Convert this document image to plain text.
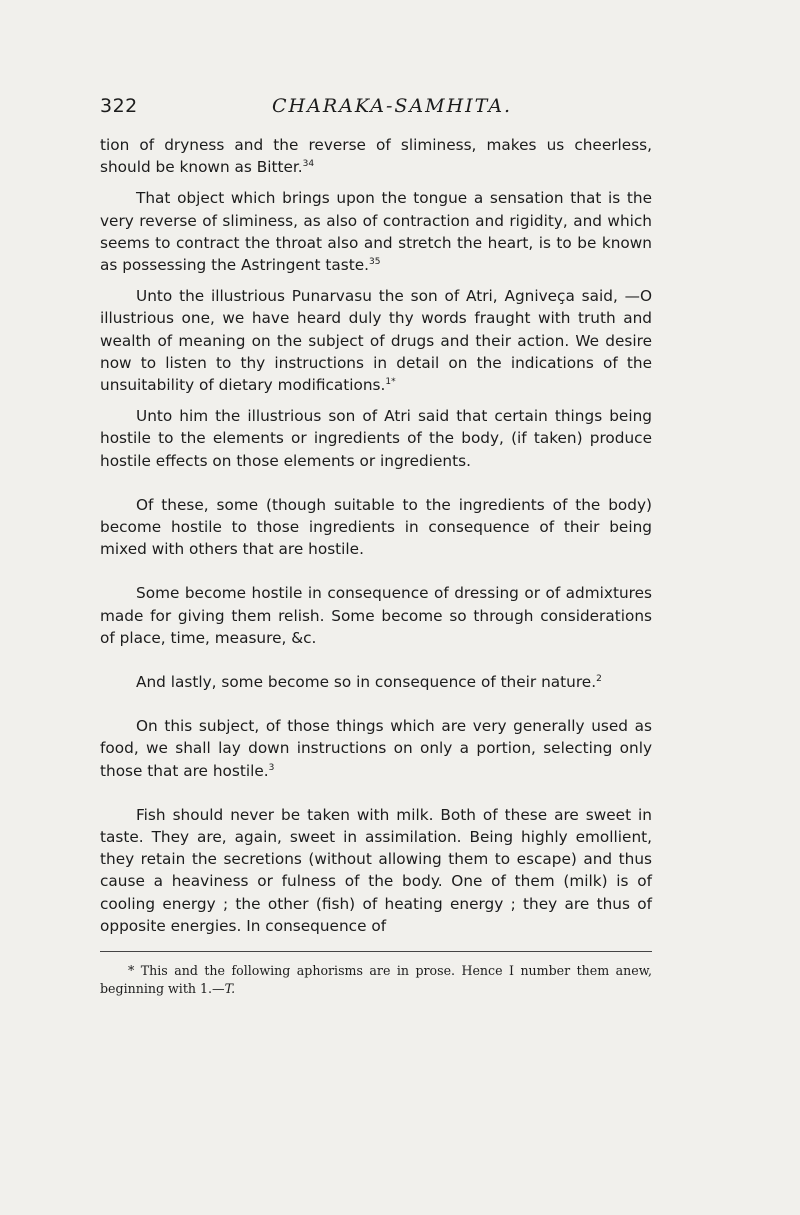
322	CHARAKA-SAMHITA.

tion of dryness and the reverse of sliminess, makes us cheerless, should be known as Bitter.$^{34}$

That object which brings upon the tongue a sensation that is the very reverse of sliminess, as also of contraction and rigidity, and which seems to contract the throat also and stretch the heart, is to be known as possessing the Astringent taste.$^{35}$

Unto the illustrious Punarvasu the son of Atri, Agniveça said, —O illustrious one, we have heard duly thy words fraught with truth and wealth of meaning on the subject of drugs and their action. We desire now to listen to thy instructions in detail on the indications of the unsuitability of dietary modifications.$^{1*}$

Unto him the illustrious son of Atri said that certain things being hostile to the elements or ingredients of the body, (if taken) produce hostile effects on those elements or ingredients.

Of these, some (though suitable to the ingredients of the body) become hostile to those ingredients in consequence of their being mixed with others that are hostile.

Some become hostile in consequence of dressing or of admixtures made for giving them relish. Some become so through considerations of place, time, measure, &c.

And lastly, some become so in consequence of their nature.$^2$

On this subject, of those things which are very generally used as food, we shall lay down instructions on only a portion, selecting only those that are hostile.$^3$

Fish should never be taken with milk. Both of these are sweet in taste. They are, again, sweet in assimilation. Being highly emollient, they retain the secretions (without allowing them to escape) and thus cause a heaviness or fulness of the body. One of them (milk) is of cooling energy ; the other (fish) of heating energy ; they are thus of opposite energies. In consequence of

* This and the following aphorisms are in prose. Hence I number them anew, beginning with 1.—T.
